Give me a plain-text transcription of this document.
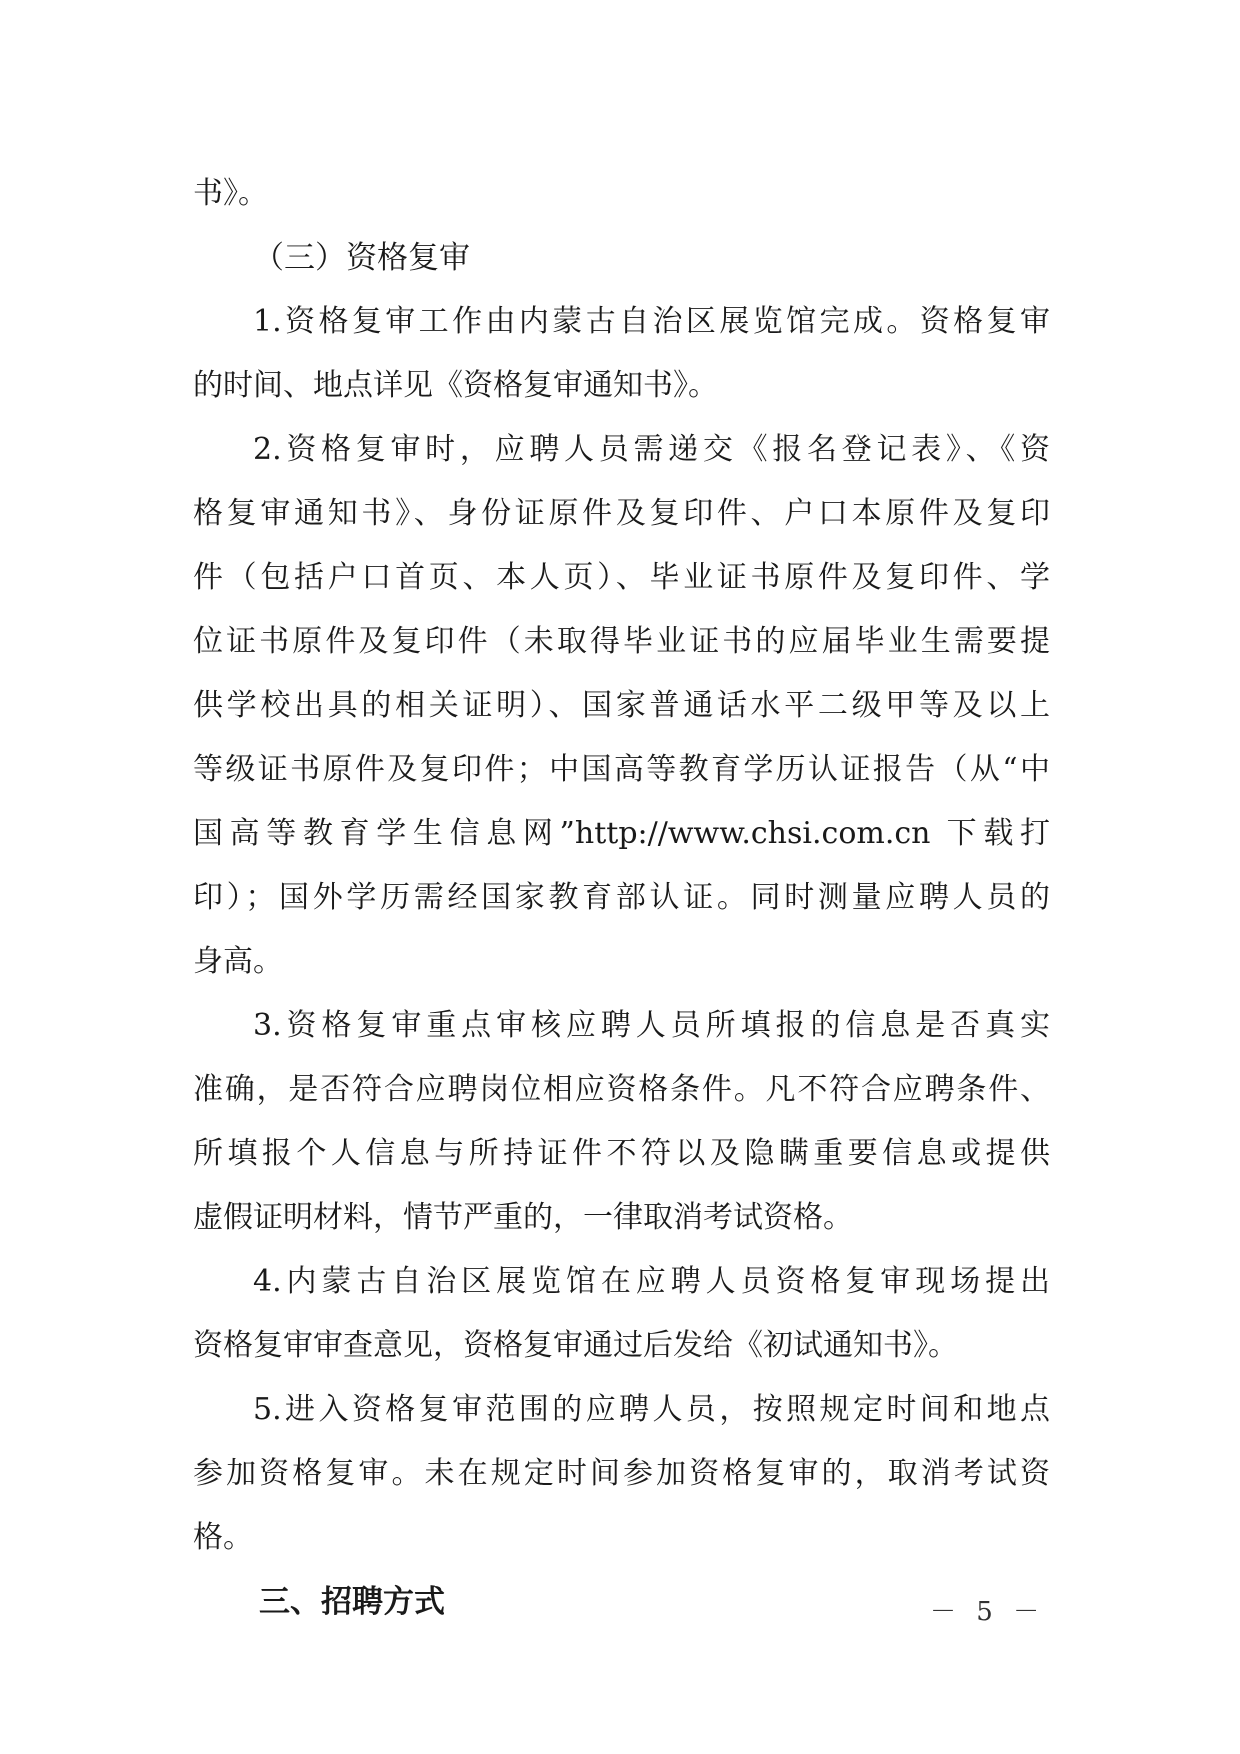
书》。
（三）资格复审
1.资格复审工作由内蒙古自治区展览馆完成。资格复审
的时间、地点详见《资格复审通知书》。
2.资格复审时，应聘人员需递交《报名登记表》、《资
格复审通知书》、身份证原件及复印件、户口本原件及复印
件（包括户口首页、本人页）、毕业证书原件及复印件、学
位证书原件及复印件（未取得毕业证书的应届毕业生需要提
供学校出具的相关证明）、国家普通话水平二级甲等及以上
等级证书原件及复印件；中国高等教育学历认证报告（从“中
国高等教育学生信息网”http://www.chsi.com.cn 下载打
印）；国外学历需经国家教育部认证。同时测量应聘人员的
身高。
3.资格复审重点审核应聘人员所填报的信息是否真实
准确，是否符合应聘岗位相应资格条件。凡不符合应聘条件、
所填报个人信息与所持证件不符以及隐瞒重要信息或提供
虚假证明材料，情节严重的，一律取消考试资格。
4.内蒙古自治区展览馆在应聘人员资格复审现场提出
资格复审审查意见，资格复审通过后发给《初试通知书》。
5.进入资格复审范围的应聘人员，按照规定时间和地点
参加资格复审。未在规定时间参加资格复审的，取消考试资
格。
三、招聘方式	－ 5 －
